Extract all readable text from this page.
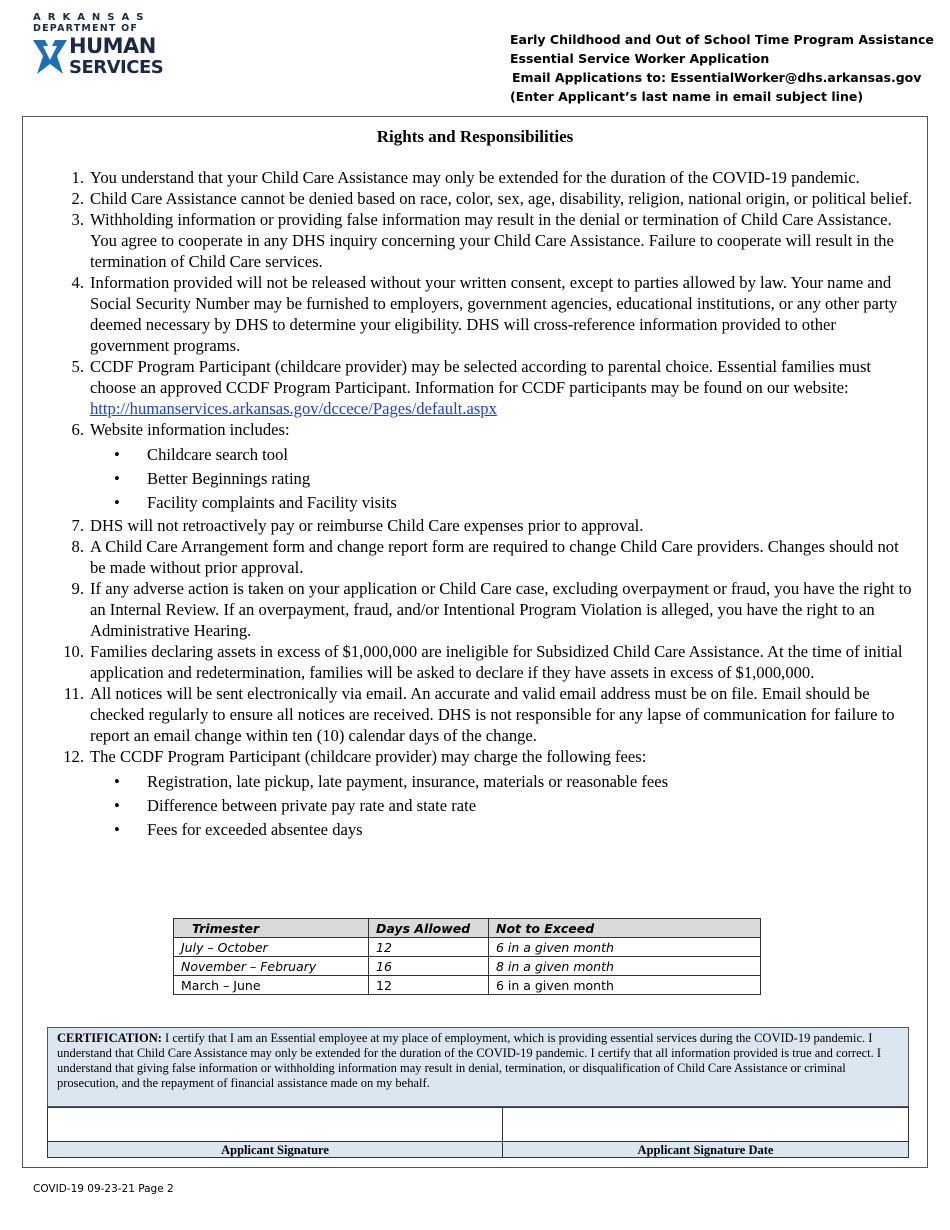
ARKANSAS
DEPARTMENT OF
HUMAN
SERVICES
Early Childhood and Out of School Time Program Assistance
Essential Service Worker Application
Email Applications to: EssentialWorker@dhs.arkansas.gov
(Enter Applicant’s last name in email subject line)
Rights and Responsibilities
1. You understand that your Child Care Assistance may only be extended for the duration of the COVID-19 pandemic.
2. Child Care Assistance cannot be denied based on race, color, sex, age, disability, religion, national origin, or political belief.
3. Withholding information or providing false information may result in the denial or termination of Child Care Assistance. You agree to cooperate in any DHS inquiry concerning your Child Care Assistance. Failure to cooperate will result in the termination of Child Care services.
4. Information provided will not be released without your written consent, except to parties allowed by law. Your name and Social Security Number may be furnished to employers, government agencies, educational institutions, or any other party deemed necessary by DHS to determine your eligibility. DHS will cross-reference information provided to other government programs.
5. CCDF Program Participant (childcare provider) may be selected according to parental choice. Essential families must choose an approved CCDF Program Participant. Information for CCDF participants may be found on our website: http://humanservices.arkansas.gov/dccece/Pages/default.aspx
6. Website information includes:
• Childcare search tool
• Better Beginnings rating
• Facility complaints and Facility visits
7. DHS will not retroactively pay or reimburse Child Care expenses prior to approval.
8. A Child Care Arrangement form and change report form are required to change Child Care providers. Changes should not be made without prior approval.
9. If any adverse action is taken on your application or Child Care case, excluding overpayment or fraud, you have the right to an Internal Review. If an overpayment, fraud, and/or Intentional Program Violation is alleged, you have the right to an Administrative Hearing.
10. Families declaring assets in excess of $1,000,000 are ineligible for Subsidized Child Care Assistance. At the time of initial application and redetermination, families will be asked to declare if they have assets in excess of $1,000,000.
11. All notices will be sent electronically via email. An accurate and valid email address must be on file. Email should be checked regularly to ensure all notices are received. DHS is not responsible for any lapse of communication for failure to report an email change within ten (10) calendar days of the change.
12. The CCDF Program Participant (childcare provider) may charge the following fees:
• Registration, late pickup, late payment, insurance, materials or reasonable fees
• Difference between private pay rate and state rate
• Fees for exceeded absentee days
Trimester	Days Allowed	Not to Exceed
July – October	12	6 in a given month
November – February	16	8 in a given month
March – June	12	6 in a given month
CERTIFICATION: I certify that I am an Essential employee at my place of employment, which is providing essential services during the COVID-19 pandemic. I understand that Child Care Assistance may only be extended for the duration of the COVID-19 pandemic. I certify that all information provided is true and correct. I understand that giving false information or withholding information may result in denial, termination, or disqualification of Child Care Assistance or criminal prosecution, and the repayment of financial assistance made on my behalf.

Applicant Signature	Applicant Signature Date
COVID-19 09-23-21 Page 2
